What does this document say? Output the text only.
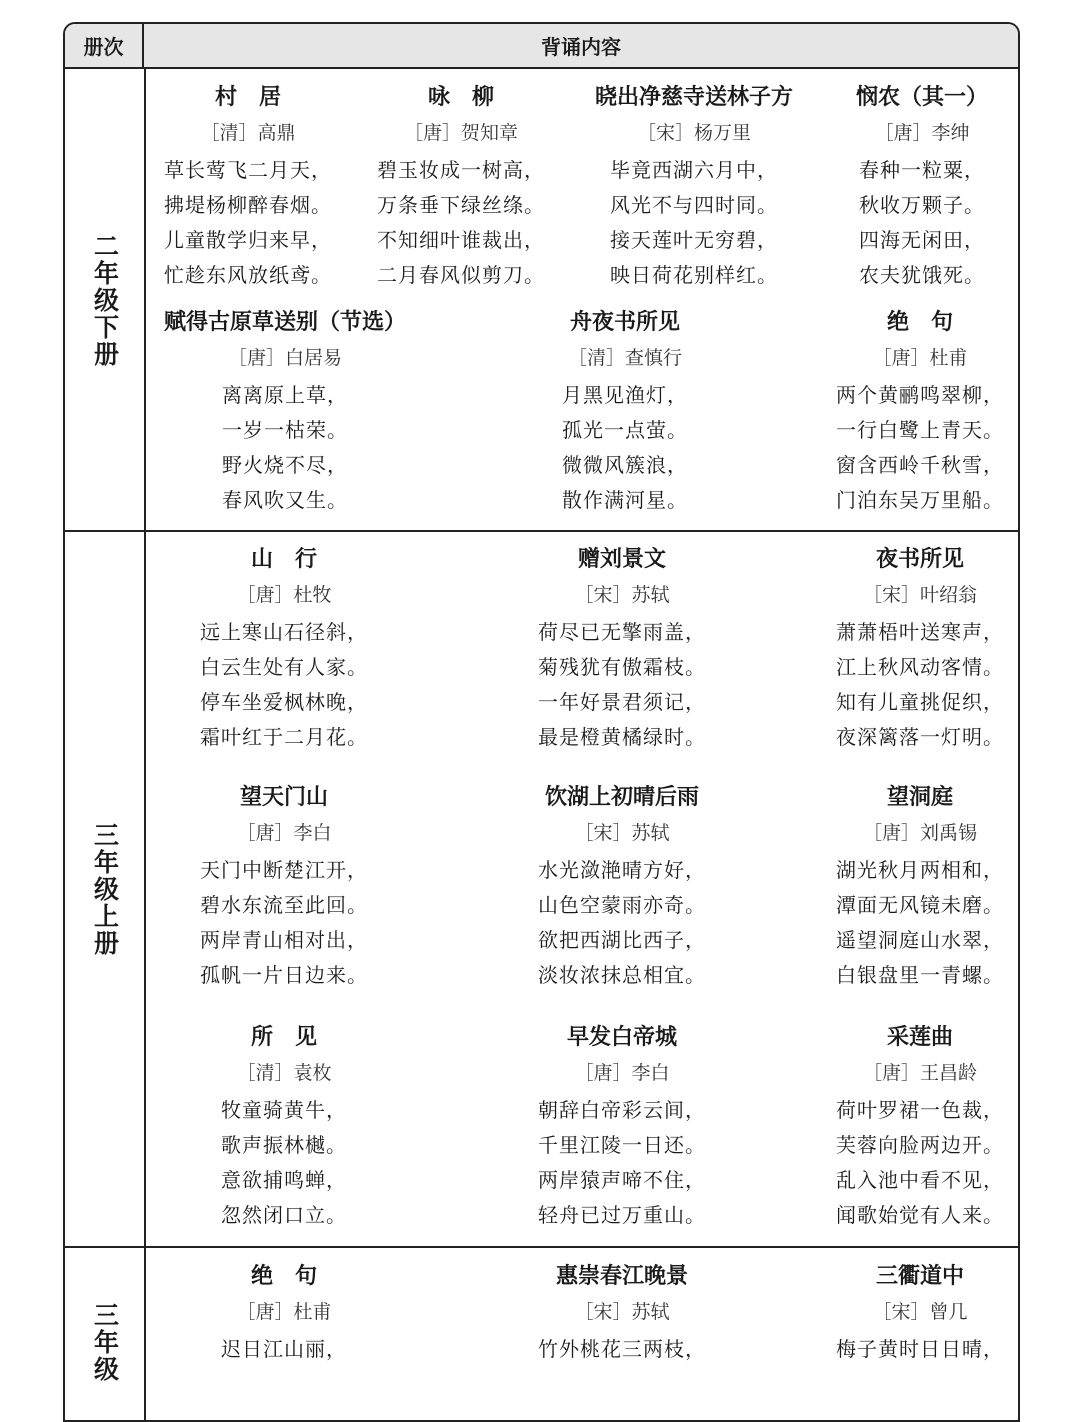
册次	背诵内容
二年级下册
三年级上册
三年级
村　居
［清］高鼎
草长莺飞二月天，
拂堤杨柳醉春烟。
儿童散学归来早，
忙趁东风放纸鸢。
咏　柳
［唐］贺知章
碧玉妆成一树高，
万条垂下绿丝绦。
不知细叶谁裁出，
二月春风似剪刀。
晓出净慈寺送林子方
［宋］杨万里
毕竟西湖六月中，
风光不与四时同。
接天莲叶无穷碧，
映日荷花别样红。
悯农（其一）
［唐］李绅
春种一粒粟，
秋收万颗子。
四海无闲田，
农夫犹饿死。
赋得古原草送别（节选）
［唐］白居易
离离原上草，
一岁一枯荣。
野火烧不尽，
春风吹又生。
舟夜书所见
［清］查慎行
月黑见渔灯，
孤光一点萤。
微微风簇浪，
散作满河星。
绝　句
［唐］杜甫
两个黄鹂鸣翠柳，
一行白鹭上青天。
窗含西岭千秋雪，
门泊东吴万里船。
山　行
［唐］杜牧
远上寒山石径斜，
白云生处有人家。
停车坐爱枫林晚，
霜叶红于二月花。
赠刘景文
［宋］苏轼
荷尽已无擎雨盖，
菊残犹有傲霜枝。
一年好景君须记，
最是橙黄橘绿时。
夜书所见
［宋］叶绍翁
萧萧梧叶送寒声，
江上秋风动客情。
知有儿童挑促织，
夜深篱落一灯明。
望天门山
［唐］李白
天门中断楚江开，
碧水东流至此回。
两岸青山相对出，
孤帆一片日边来。
饮湖上初晴后雨
［宋］苏轼
水光潋滟晴方好，
山色空蒙雨亦奇。
欲把西湖比西子，
淡妆浓抹总相宜。
望洞庭
［唐］刘禹锡
湖光秋月两相和，
潭面无风镜未磨。
遥望洞庭山水翠，
白银盘里一青螺。
所　见
［清］袁枚
牧童骑黄牛，
歌声振林樾。
意欲捕鸣蝉，
忽然闭口立。
早发白帝城
［唐］李白
朝辞白帝彩云间，
千里江陵一日还。
两岸猿声啼不住，
轻舟已过万重山。
采莲曲
［唐］王昌龄
荷叶罗裙一色裁，
芙蓉向脸两边开。
乱入池中看不见，
闻歌始觉有人来。
绝　句
［唐］杜甫
迟日江山丽，
惠崇春江晚景
［宋］苏轼
竹外桃花三两枝，
三衢道中
［宋］曾几
梅子黄时日日晴，
